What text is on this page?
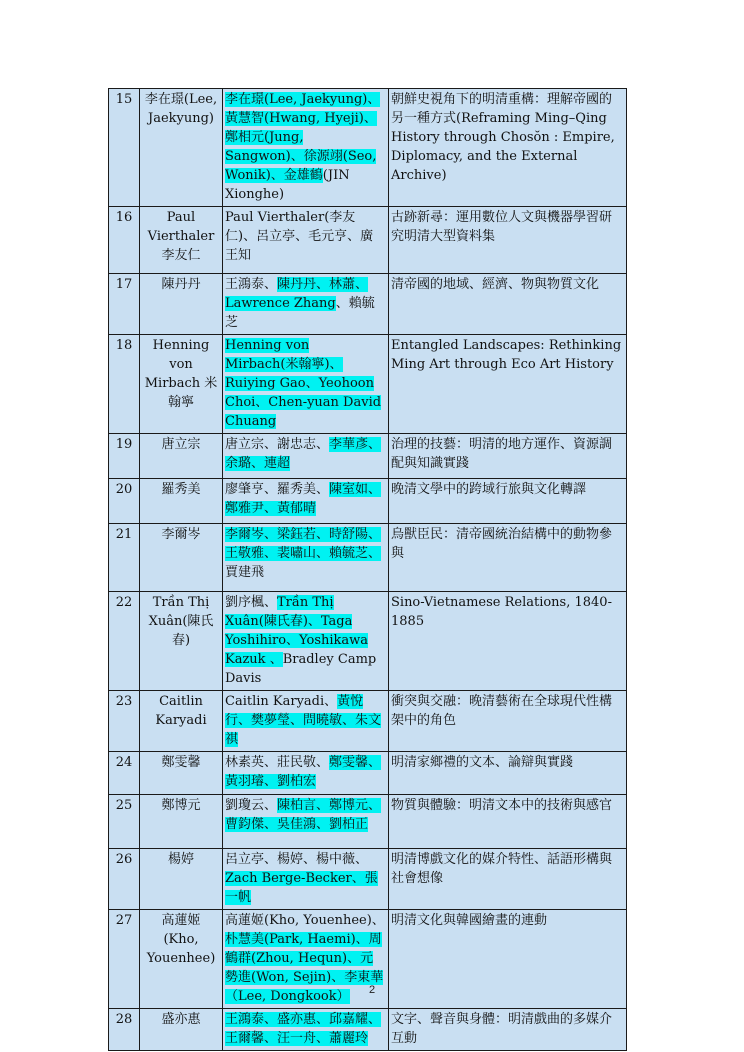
15	李在璟(Lee, Jaekyung)	李在璟(Lee, Jaekyung)、黃慧智(Hwang, Hyeji)、鄭相元(Jung, Sangwon)、徐源翊(Seo, Wonik)、金雄鶴(JIN Xionghe)	朝鮮史視角下的明清重構：理解帝國的另一種方式(Reframing Ming–Qing History through Chosŏn : Empire, Diplomacy, and the External Archive)
16	Paul Vierthaler 李友仁	Paul Vierthaler(李友仁)、呂立亭、毛元亨、廣王知	古跡新尋：運用數位人文與機器學習研究明清大型資料集
17	陳丹丹	王鴻泰、陳丹丹、林蕭、Lawrence Zhang、賴毓芝	清帝國的地域、經濟、物與物質文化
18	Henning von Mirbach 米翰寧	Henning von Mirbach(米翰寧)、Ruiying Gao、Yeohoon Choi、Chen-yuan David Chuang	Entangled Landscapes: Rethinking Ming Art through Eco Art History
19	唐立宗	唐立宗、謝忠志、李華彥、余璐、連超	治理的技藝：明清的地方運作、資源調配與知識實踐
20	羅秀美	廖肇亨、羅秀美、陳室如、鄭雅尹、黃郁晴	晚清文學中的跨域行旅與文化轉譯
21	李爾岑	李爾岑、梁鈺若、時舒陽、王敬雅、裴嘯山、賴毓芝、賈建飛	烏獸臣民：清帝國統治結構中的動物參與
22	Trần Thị Xuân(陳氏春)	劉序楓、Trần Thị Xuân(陳氏春)、Taga Yoshihiro、Yoshikawa Kazuk 、Bradley Camp Davis	Sino-Vietnamese Relations, 1840-1885
23	Caitlin Karyadi	Caitlin Karyadi、黃悅行、樊夢瑩、問曉敏、朱文祺	衝突與交融：晚清藝術在全球現代性構架中的角色
24	鄭雯馨	林素英、莊民敬、鄭雯馨、黃羽璿、劉柏宏	明清家鄉禮的文本、論辯與實踐
25	鄭博元	劉瓊云、陳柏言、鄭博元、曹鈞傑、吳佳鴻、劉柏正	物質與體驗：明清文本中的技術與感官
26	楊婷	呂立亭、楊婷、楊中薇、Zach Berge-Becker、張一帆	明清博戲文化的媒介特性、話語形構與社會想像
27	高蓮姬 (Kho, Youenhee)	高蓮姬(Kho, Youenhee)、朴慧美(Park, Haemi)、周鶴群(Zhou, Hequn)、元勢進(Won, Sejin)、李東華（Lee, Dongkook）	明清文化與韓國繪畫的連動
28	盛亦惠	王鴻泰、盛亦惠、邱嘉耀、王爾馨、汪一舟、蕭麗玲	文字、聲音與身體：明清戲曲的多媒介互動
2
